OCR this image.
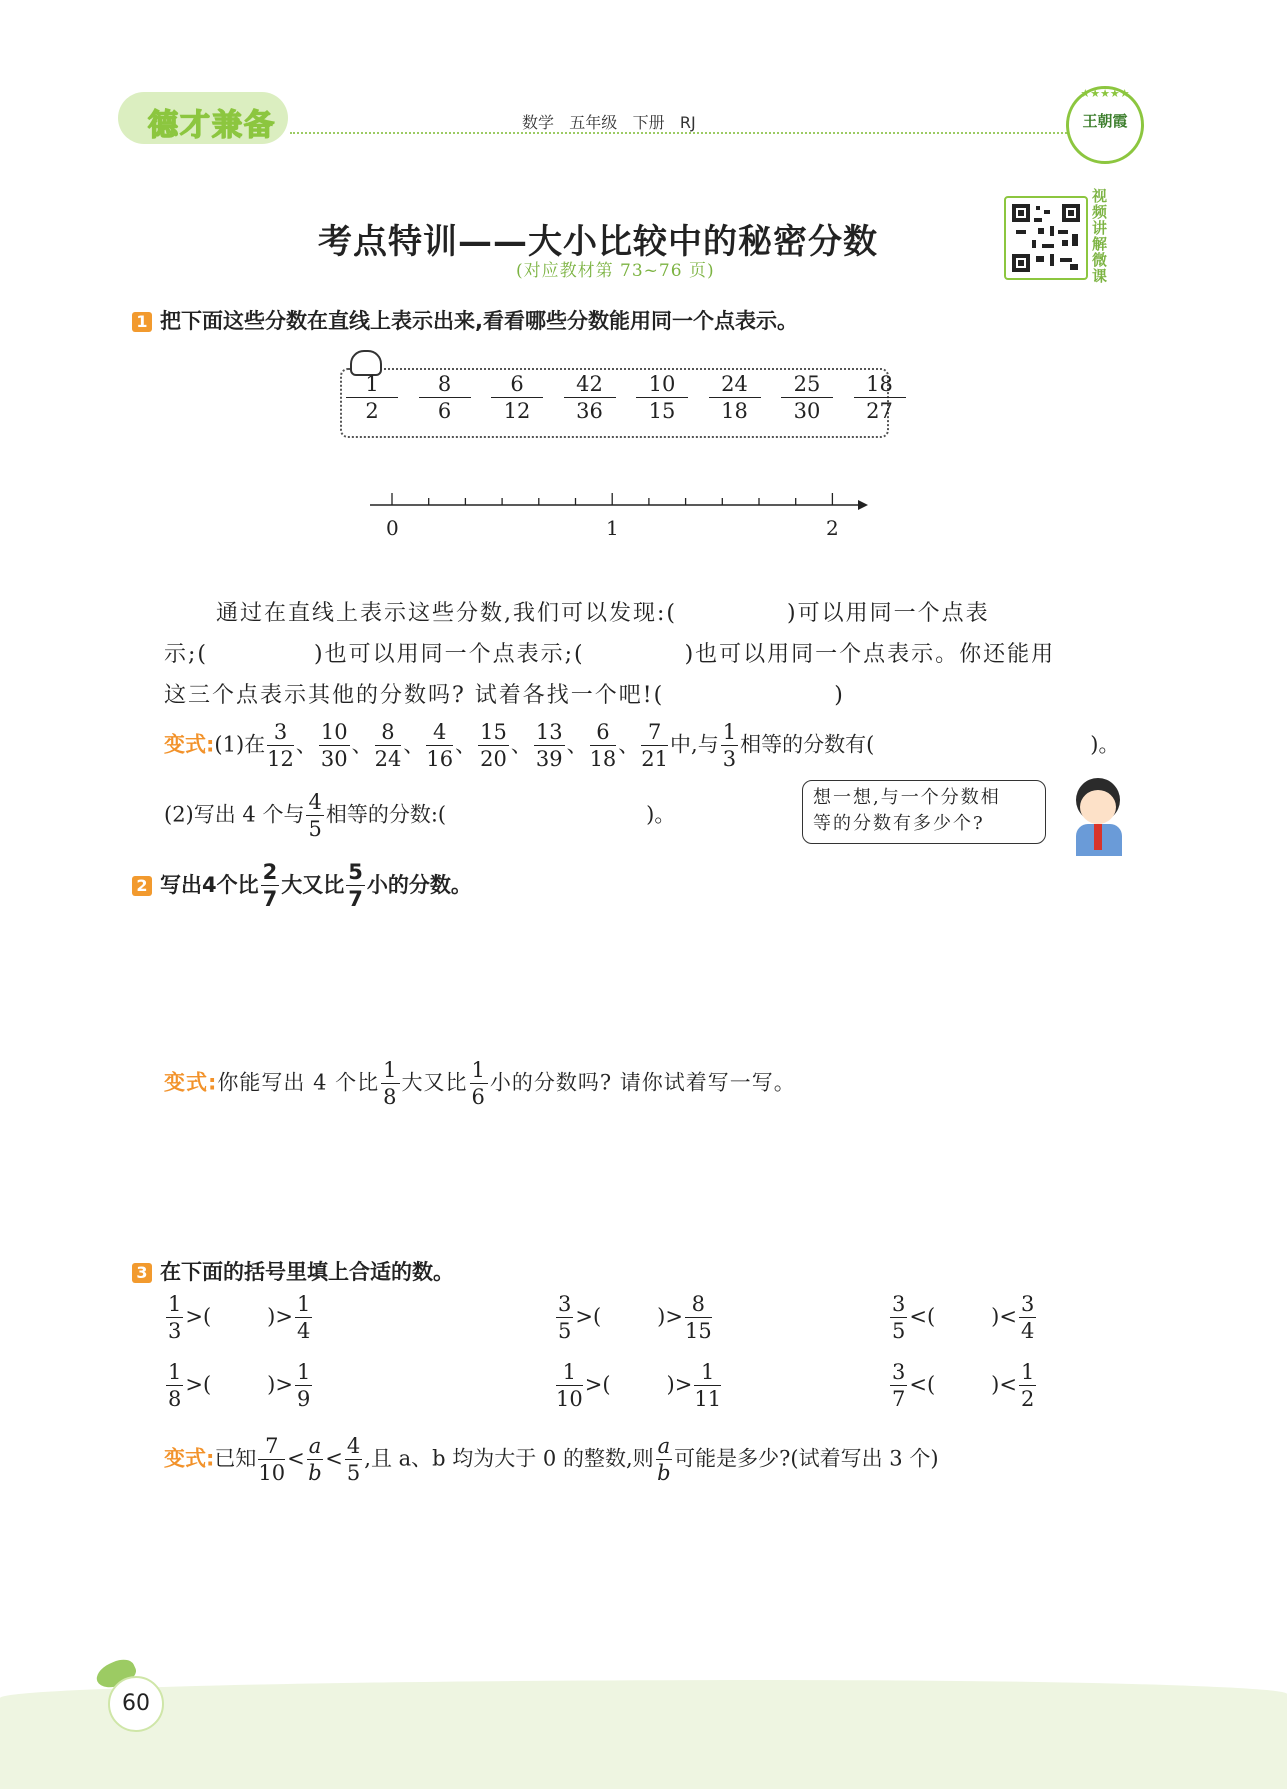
德才兼备	数学 五年级 下册 RJ
★★★★★
王朝霞
考点特训——大小比较中的秘密分数
(对应教材第 73~76 页)
视频讲解微课
1 把下面这些分数在直线上表示出来,看看哪些分数能用同一个点表示。
$\frac{1}{2} \frac{8}{6} \frac{6}{12} \frac{42}{36} \frac{10}{15} \frac{24}{18} \frac{25}{30} \frac{18}{27}$
0	1	2
通过在直线上表示这些分数,我们可以发现:(	)可以用同一个点表
示;(	)也可以用同一个点表示;(	)也可以用同一个点表示。你还能用
这三个点表示其他的分数吗? 试着各找一个吧!(	)
变式:(1)在 $\frac{3}{12}$ 、 $\frac{10}{30}$ 、 $\frac{8}{24}$ 、 $\frac{4}{16}$ 、 $\frac{15}{20}$ 、 $\frac{13}{39}$ 、 $\frac{6}{18}$ 、 $\frac{7}{21}$ 中,与 $\frac{1}{3}$ 相等的分数有(	)。
(2)写出 4 个与 $\frac{4}{5}$ 相等的分数:(	)。
想一想,与一个分数相
等的分数有多少个?
2 写出4个比 $\frac{2}{7}$ 大又比 $\frac{5}{7}$ 小的分数。
变式:你能写出 4 个比 $\frac{1}{8}$ 大又比 $\frac{1}{6}$ 小的分数吗? 请你试着写一写。
3 在下面的括号里填上合适的数。
$\frac{1}{3}$ >(	)> $\frac{1}{4}$	$\frac{3}{5}$ >(	)> $\frac{8}{15}$	$\frac{3}{5}$ <(	)< $\frac{3}{4}$
$\frac{1}{8}$ >(	)> $\frac{1}{9}$	$\frac{1}{10}$ >(	)> $\frac{1}{11}$	$\frac{3}{7}$ <(	)< $\frac{1}{2}$
变式:已知 $\frac{7}{10} < \frac{a}{b} < \frac{4}{5}$ ,且 a、b 均为大于 0 的整数,则 $\frac{a}{b}$ 可能是多少?(试着写出 3 个)
60
